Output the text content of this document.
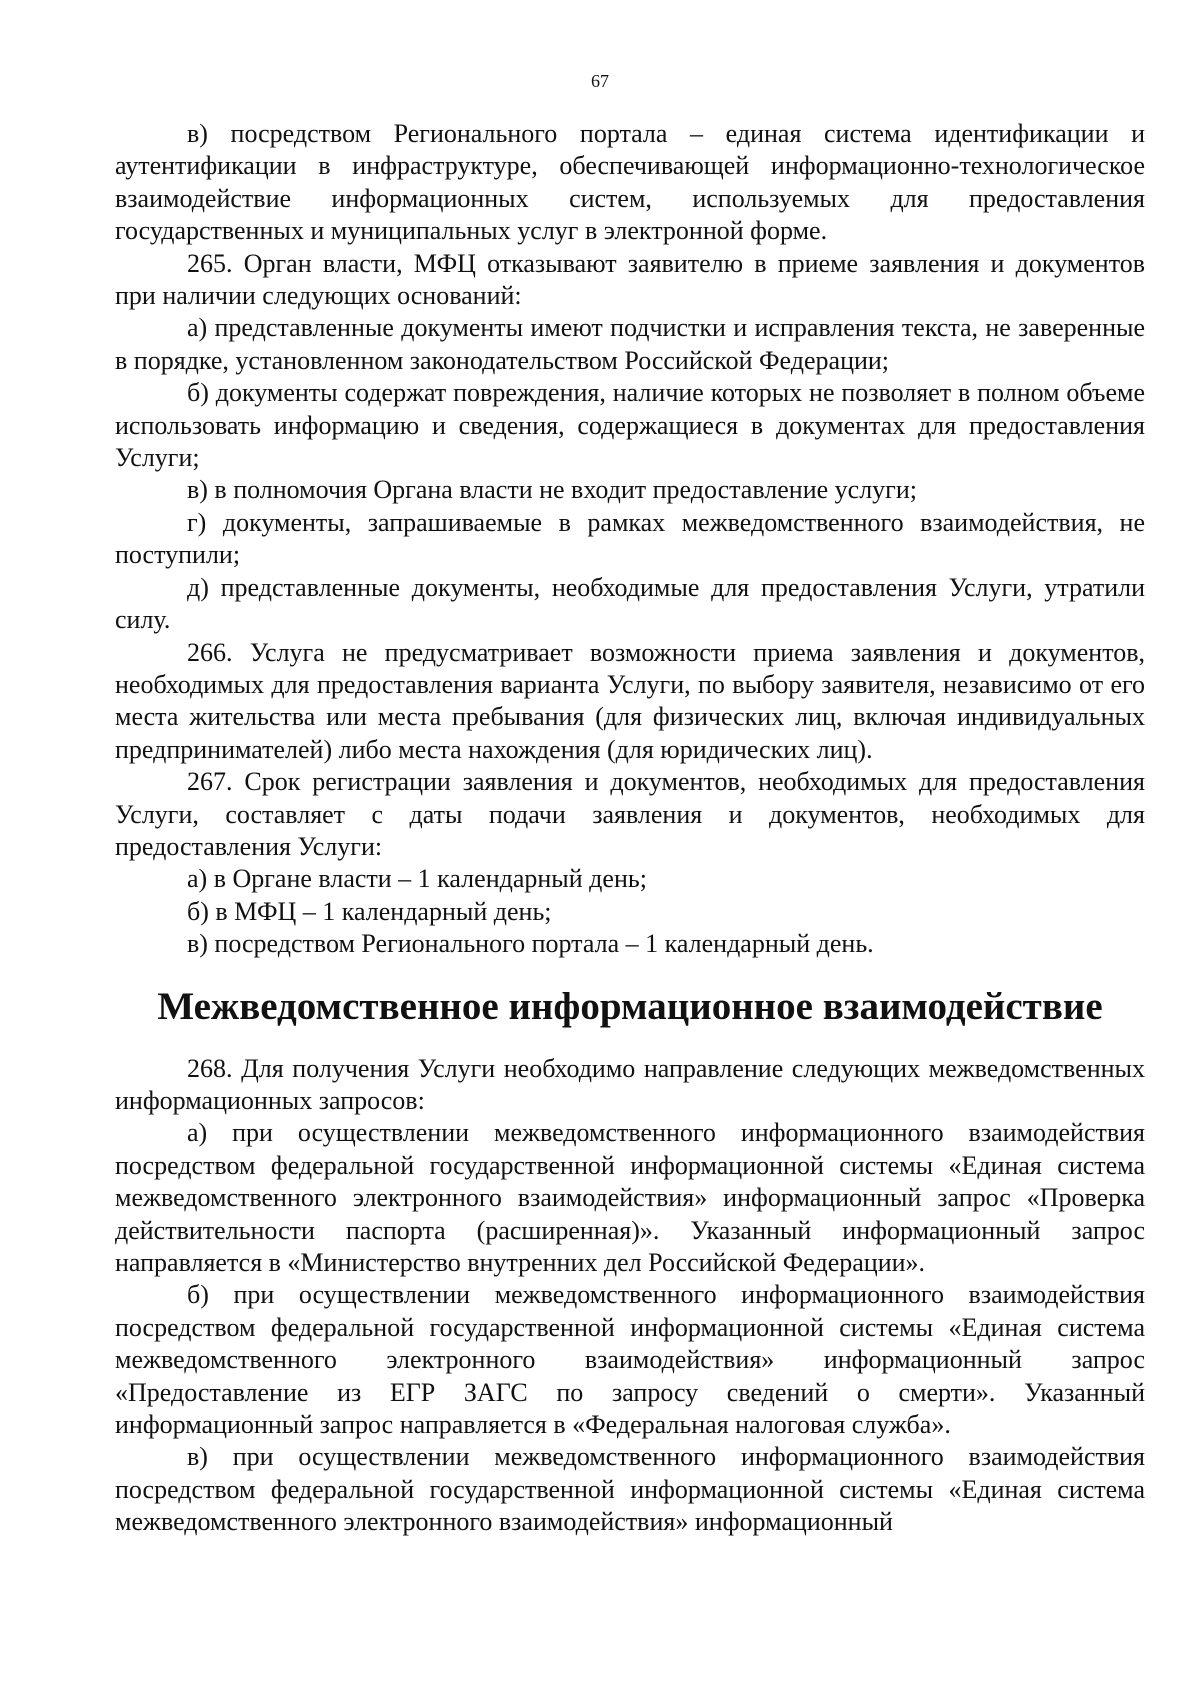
67

в) посредством Регионального портала – единая система идентификации и аутентификации в инфраструктуре, обеспечивающей информационно-технологическое взаимодействие информационных систем, используемых для предоставления государственных и муниципальных услуг в электронной форме.

265. Орган власти, МФЦ отказывают заявителю в приеме заявления и документов при наличии следующих оснований:

а) представленные документы имеют подчистки и исправления текста, не заверенные в порядке, установленном законодательством Российской Федерации;

б) документы содержат повреждения, наличие которых не позволяет в полном объеме использовать информацию и сведения, содержащиеся в документах для предоставления Услуги;

в) в полномочия Органа власти не входит предоставление услуги;

г) документы, запрашиваемые в рамках межведомственного взаимодействия, не поступили;

д) представленные документы, необходимые для предоставления Услуги, утратили силу.

266. Услуга не предусматривает возможности приема заявления и документов, необходимых для предоставления варианта Услуги, по выбору заявителя, независимо от его места жительства или места пребывания (для физических лиц, включая индивидуальных предпринимателей) либо места нахождения (для юридических лиц).

267. Срок регистрации заявления и документов, необходимых для предоставления Услуги, составляет с даты подачи заявления и документов, необходимых для предоставления Услуги:

а) в Органе власти – 1 календарный день;

б) в МФЦ – 1 календарный день;

в) посредством Регионального портала – 1 календарный день.

Межведомственное информационное взаимодействие

268. Для получения Услуги необходимо направление следующих межведомственных информационных запросов:

а) при осуществлении межведомственного информационного взаимодействия посредством федеральной государственной информационной системы «Единая система межведомственного электронного взаимодействия» информационный запрос «Проверка действительности паспорта (расширенная)». Указанный информационный запрос направляется в «Министерство внутренних дел Российской Федерации».

б) при осуществлении межведомственного информационного взаимодействия посредством федеральной государственной информационной системы «Единая система межведомственного электронного взаимодействия» информационный запрос «Предоставление из ЕГР ЗАГС по запросу сведений о смерти». Указанный информационный запрос направляется в «Федеральная налоговая служба».

в) при осуществлении межведомственного информационного взаимодействия посредством федеральной государственной информационной системы «Единая система межведомственного электронного взаимодействия» информационный
